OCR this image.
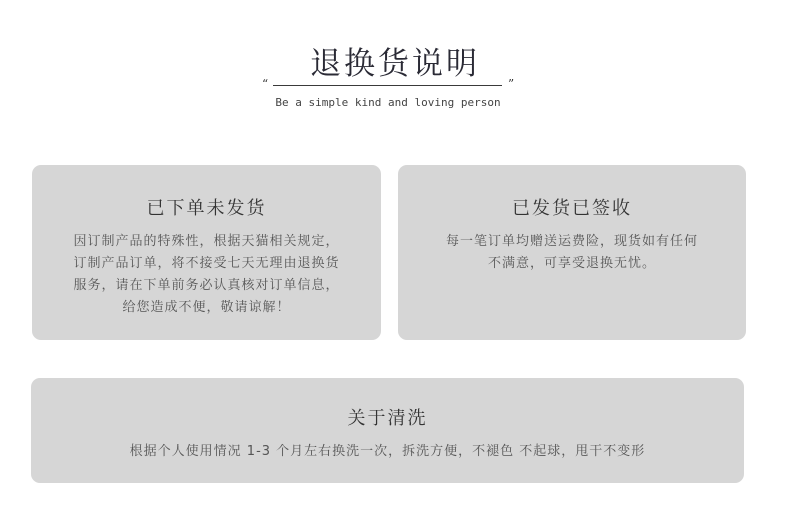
退换货说明
“	”
Be a simple kind and loving person
已下单未发货
因订制产品的特殊性，根据天猫相关规定，
订制产品订单，将不接受七天无理由退换货
服务，请在下单前务必认真核对订单信息，
给您造成不便，敬请谅解！
已发货已签收
每一笔订单均赠送运费险，现货如有任何
不满意，可享受退换无忧。
关于清洗
根据个人使用情况 1-3 个月左右换洗一次，拆洗方便，不褪色 不起球，甩干不变形
